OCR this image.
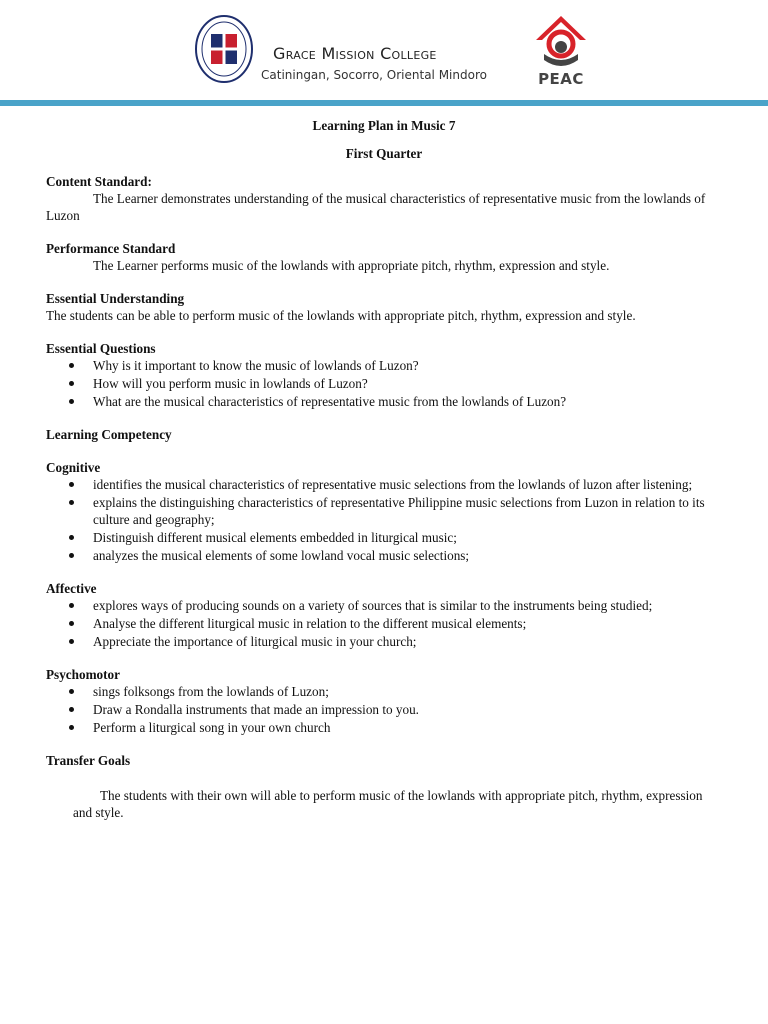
Grace Mission College
Catiningan, Socorro, Oriental Mindoro	PEAC

Learning Plan in Music 7

First Quarter

Content Standard:

The Learner demonstrates understanding of the musical characteristics of representative music from the lowlands of Luzon

Performance Standard

The Learner performs music of the lowlands with appropriate pitch, rhythm, expression and style.

Essential Understanding

The students can be able to perform music of the lowlands with appropriate pitch, rhythm, expression and style.

Essential Questions

Why is it important to know the music of lowlands of Luzon?
How will you perform music in lowlands of Luzon?
What are the musical characteristics of representative music from the lowlands of Luzon?

Learning Competency

Cognitive

identifies the musical characteristics of representative music selections from the lowlands of luzon after listening;
explains the distinguishing characteristics of representative Philippine music selections from Luzon in relation to its culture and geography;
Distinguish different musical elements embedded in liturgical music;
analyzes the musical elements of some lowland vocal music selections;

Affective

explores ways of producing sounds on a variety of sources that is similar to the instruments being studied;
Analyse the different liturgical music in relation to the different musical elements;
Appreciate the importance of liturgical music in your church;

Psychomotor

sings folksongs from the lowlands of Luzon;
Draw a Rondalla instruments that made an impression to you.
Perform a liturgical song in your own church

Transfer Goals

The students with their own will able to perform music of the lowlands with appropriate pitch, rhythm, expression and style.
